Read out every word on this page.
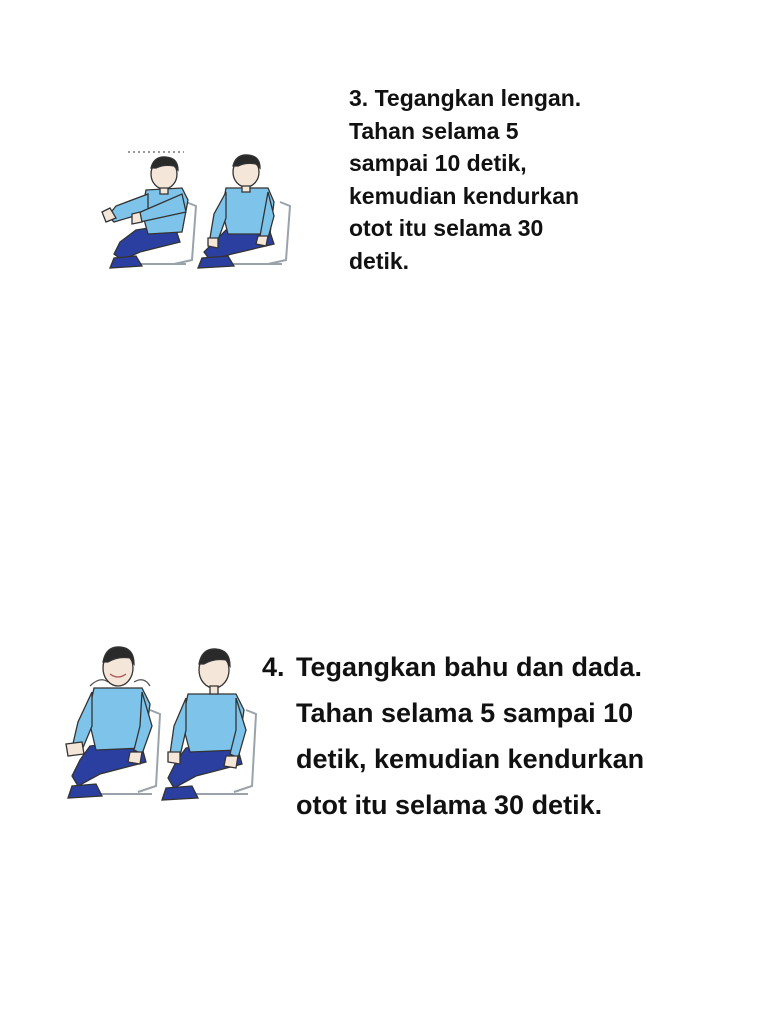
3. Tegangkan lengan.
Tahan selama 5
sampai 10 detik,
kemudian kendurkan
otot itu selama 30
detik.

4. Tegangkan bahu dan dada.
Tahan selama 5 sampai 10
detik, kemudian kendurkan
otot itu selama 30 detik.
